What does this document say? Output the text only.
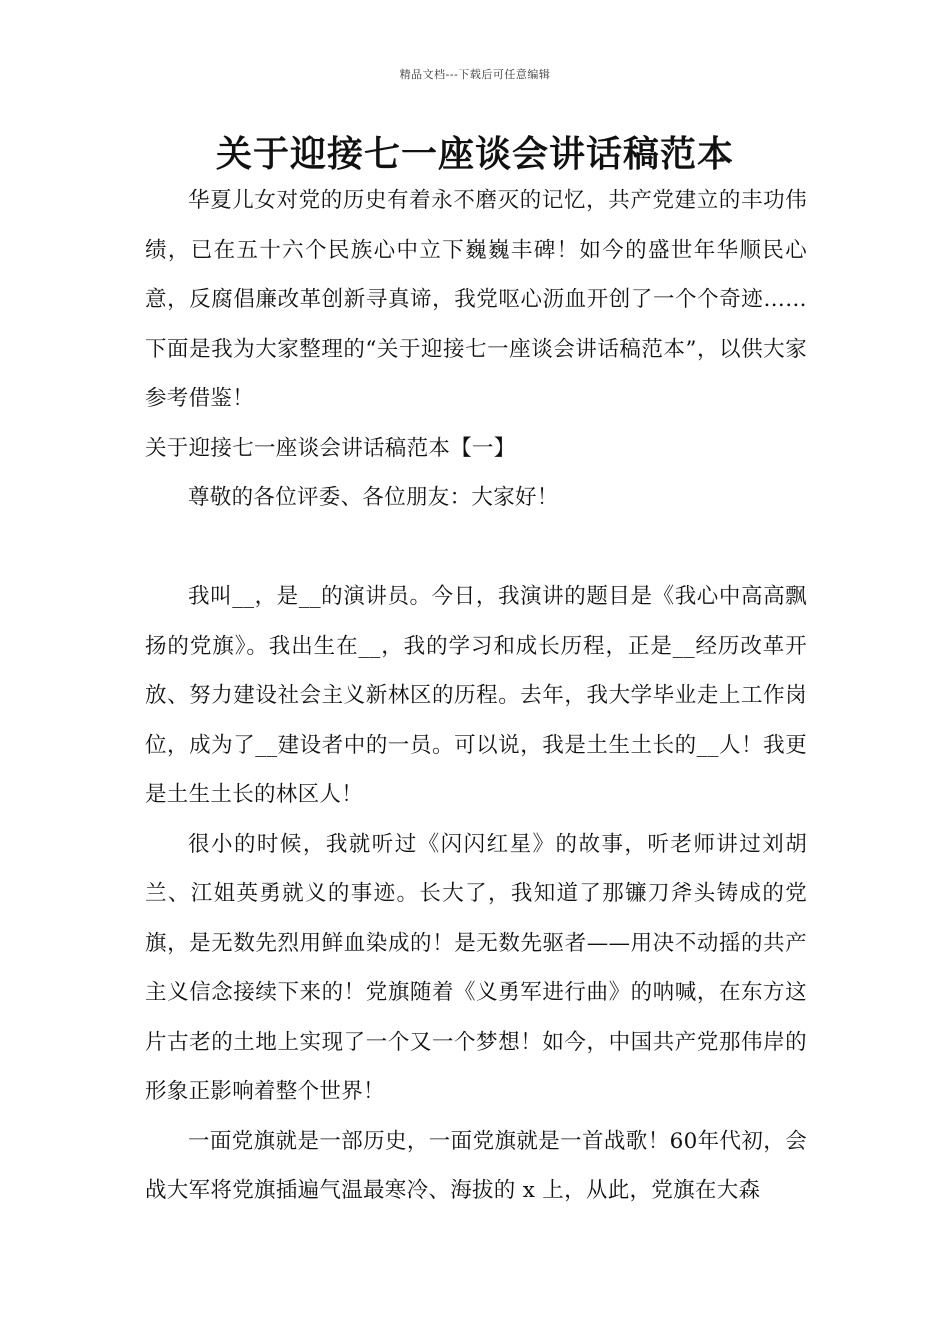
精品文档---下载后可任意编辑
关于迎接七一座谈会讲话稿范本

华夏儿女对党的历史有着永不磨灭的记忆，共产党建立的丰功伟绩，已在五十六个民族心中立下巍巍丰碑！如今的盛世年华顺民心意，反腐倡廉改革创新寻真谛，我党呕心沥血开创了一个个奇迹……下面是我为大家整理的“关于迎接七一座谈会讲话稿范本”，以供大家参考借鉴！

关于迎接七一座谈会讲话稿范本【一】

尊敬的各位评委、各位朋友：大家好！

我叫__，是__的演讲员。今日，我演讲的题目是《我心中高高飘扬的党旗》。我出生在__，我的学习和成长历程，正是__经历改革开放、努力建设社会主义新林区的历程。去年，我大学毕业走上工作岗位，成为了__建设者中的一员。可以说，我是土生土长的__人！我更是土生土长的林区人！

很小的时候，我就听过《闪闪红星》的故事，听老师讲过刘胡兰、江姐英勇就义的事迹。长大了，我知道了那镰刀斧头铸成的党旗，是无数先烈用鲜血染成的！是无数先驱者——用决不动摇的共产主义信念接续下来的！党旗随着《义勇军进行曲》的呐喊，在东方这片古老的土地上实现了一个又一个梦想！如今，中国共产党那伟岸的形象正影响着整个世界！

一面党旗就是一部历史，一面党旗就是一首战歌！60年代初，会战大军将党旗插遍气温最寒冷、海拔的 x 上，从此，党旗在大森
